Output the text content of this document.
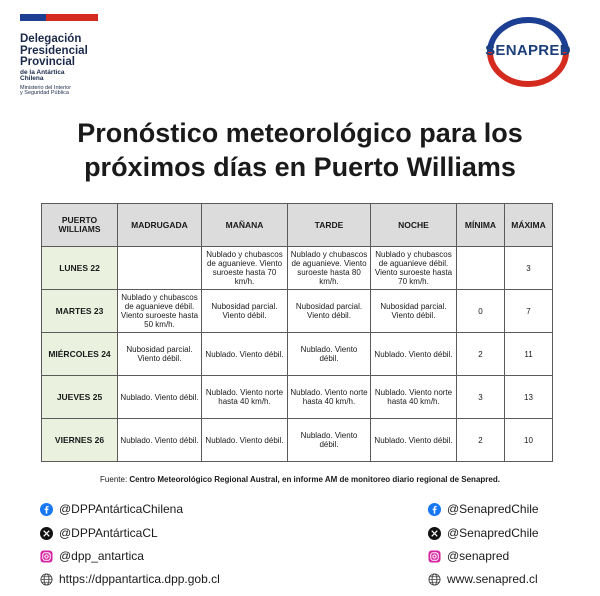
Delegación
Presidencial
Provincial
de la Antártica
Chilena
Ministerio del Interior
y Seguridad Pública
SENAPRED
Pronóstico meteorológico para los
próximos días en Puerto Williams
PUERTO WILLIAMS	MADRUGADA	MAÑANA	TARDE	NOCHE	MÍNIMA	MÁXIMA
LUNES 22		Nublado y chubascos de aguanieve. Viento suroeste hasta 70 km/h.	Nublado y chubascos de aguanieve. Viento suroeste hasta 80 km/h.	Nublado y chubascos de aguanieve débil. Viento suroeste hasta 70 km/h.		3
MARTES 23	Nublado y chubascos de aguanieve débil. Viento suroeste hasta 50 km/h.	Nubosidad parcial. Viento débil.	Nubosidad parcial. Viento débil.	Nubosidad parcial. Viento débil.	0	7
MIÉRCOLES 24	Nubosidad parcial. Viento débil.	Nublado. Viento débil.	Nublado. Viento débil.	Nublado. Viento débil.	2	11
JUEVES 25	Nublado. Viento débil.	Nublado. Viento norte hasta 40 km/h.	Nublado. Viento norte hasta 40 km/h.	Nublado. Viento norte hasta 40 km/h.	3	13
VIERNES 26	Nublado. Viento débil.	Nublado. Viento débil.	Nublado. Viento débil.	Nublado. Viento débil.	2	10
Fuente: Centro Meteorológico Regional Austral, en informe AM de monitoreo diario regional de Senapred.
@DPPAntárticaChilena
@DPPAntárticaCL
@dpp_antartica
https://dppantartica.dpp.gob.cl
@SenapredChile
@SenapredChile
@senapred
www.senapred.cl
